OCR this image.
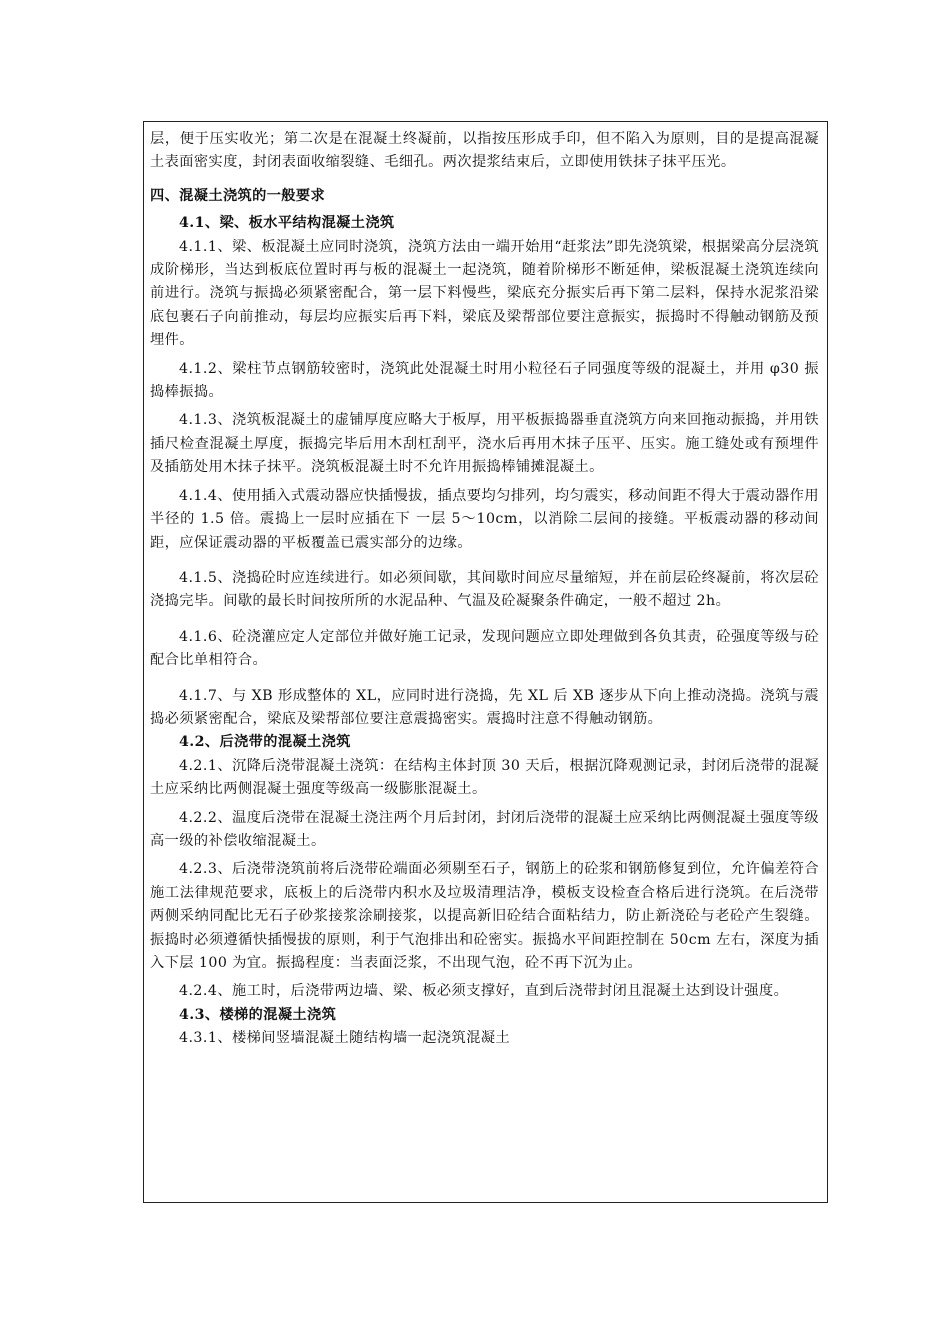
层，便于压实收光；第二次是在混凝土终凝前，以指按压形成手印，但不陷入为原则，目的是提高混凝土表面密实度，封闭表面收缩裂缝、毛细孔。两次提浆结束后，立即使用铁抹子抹平压光。

四、混凝土浇筑的一般要求
4.1、梁、板水平结构混凝土浇筑

4.1.1、梁、板混凝土应同时浇筑，浇筑方法由一端开始用“赶浆法”即先浇筑梁，根据梁高分层浇筑成阶梯形，当达到板底位置时再与板的混凝土一起浇筑，随着阶梯形不断延伸，梁板混凝土浇筑连续向前进行。浇筑与振捣必须紧密配合，第一层下料慢些，梁底充分振实后再下第二层料，保持水泥浆沿梁底包裹石子向前推动，每层均应振实后再下料，梁底及梁帮部位要注意振实，振捣时不得触动钢筋及预埋件。

4.1.2、梁柱节点钢筋较密时，浇筑此处混凝土时用小粒径石子同强度等级的混凝土，并用 φ30 振捣棒振捣。

4.1.3、浇筑板混凝土的虚铺厚度应略大于板厚，用平板振捣器垂直浇筑方向来回拖动振捣，并用铁插尺检查混凝土厚度，振捣完毕后用木刮杠刮平，浇水后再用木抹子压平、压实。施工缝处或有预埋件及插筋处用木抹子抹平。浇筑板混凝土时不允许用振捣棒铺摊混凝土。

4.1.4、使用插入式震动器应快插慢拔，插点要均匀排列，均匀震实，移动间距不得大于震动器作用半径的 1.5 倍。震捣上一层时应插在下 一层 5～10cm，以消除二层间的接缝。平板震动器的移动间距，应保证震动器的平板覆盖已震实部分的边缘。

4.1.5、浇捣砼时应连续进行。如必须间歇，其间歇时间应尽量缩短，并在前层砼终凝前，将次层砼浇捣完毕。间歇的最长时间按所所的水泥品种、气温及砼凝聚条件确定，一般不超过 2h。

4.1.6、砼浇灌应定人定部位并做好施工记录，发现问题应立即处理做到各负其责，砼强度等级与砼配合比单相符合。

4.1.7、与 XB 形成整体的 XL，应同时进行浇捣，先 XL 后 XB 逐步从下向上推动浇捣。浇筑与震捣必须紧密配合，梁底及梁帮部位要注意震捣密实。震捣时注意不得触动钢筋。

4.2、后浇带的混凝土浇筑

4.2.1、沉降后浇带混凝土浇筑：在结构主体封顶 30 天后，根据沉降观测记录，封闭后浇带的混凝土应采纳比两侧混凝土强度等级高一级膨胀混凝土。

4.2.2、温度后浇带在混凝土浇注两个月后封闭，封闭后浇带的混凝土应采纳比两侧混凝土强度等级高一级的补偿收缩混凝土。

4.2.3、后浇带浇筑前将后浇带砼端面必须剔至石子，钢筋上的砼浆和钢筋修复到位，允许偏差符合施工法律规范要求，底板上的后浇带内积水及垃圾清理洁净，模板支设检查合格后进行浇筑。在后浇带两侧采纳同配比无石子砂浆接浆涂刷接浆，以提高新旧砼结合面粘结力，防止新浇砼与老砼产生裂缝。振捣时必须遵循快插慢拔的原则，利于气泡排出和砼密实。振捣水平间距控制在 50cm 左右，深度为插入下层 100 为宜。振捣程度：当表面泛浆，不出现气泡，砼不再下沉为止。

4.2.4、施工时，后浇带两边墙、梁、板必须支撑好，直到后浇带封闭且混凝土达到设计强度。

4.3、楼梯的混凝土浇筑

4.3.1、楼梯间竖墙混凝土随结构墙一起浇筑混凝土
